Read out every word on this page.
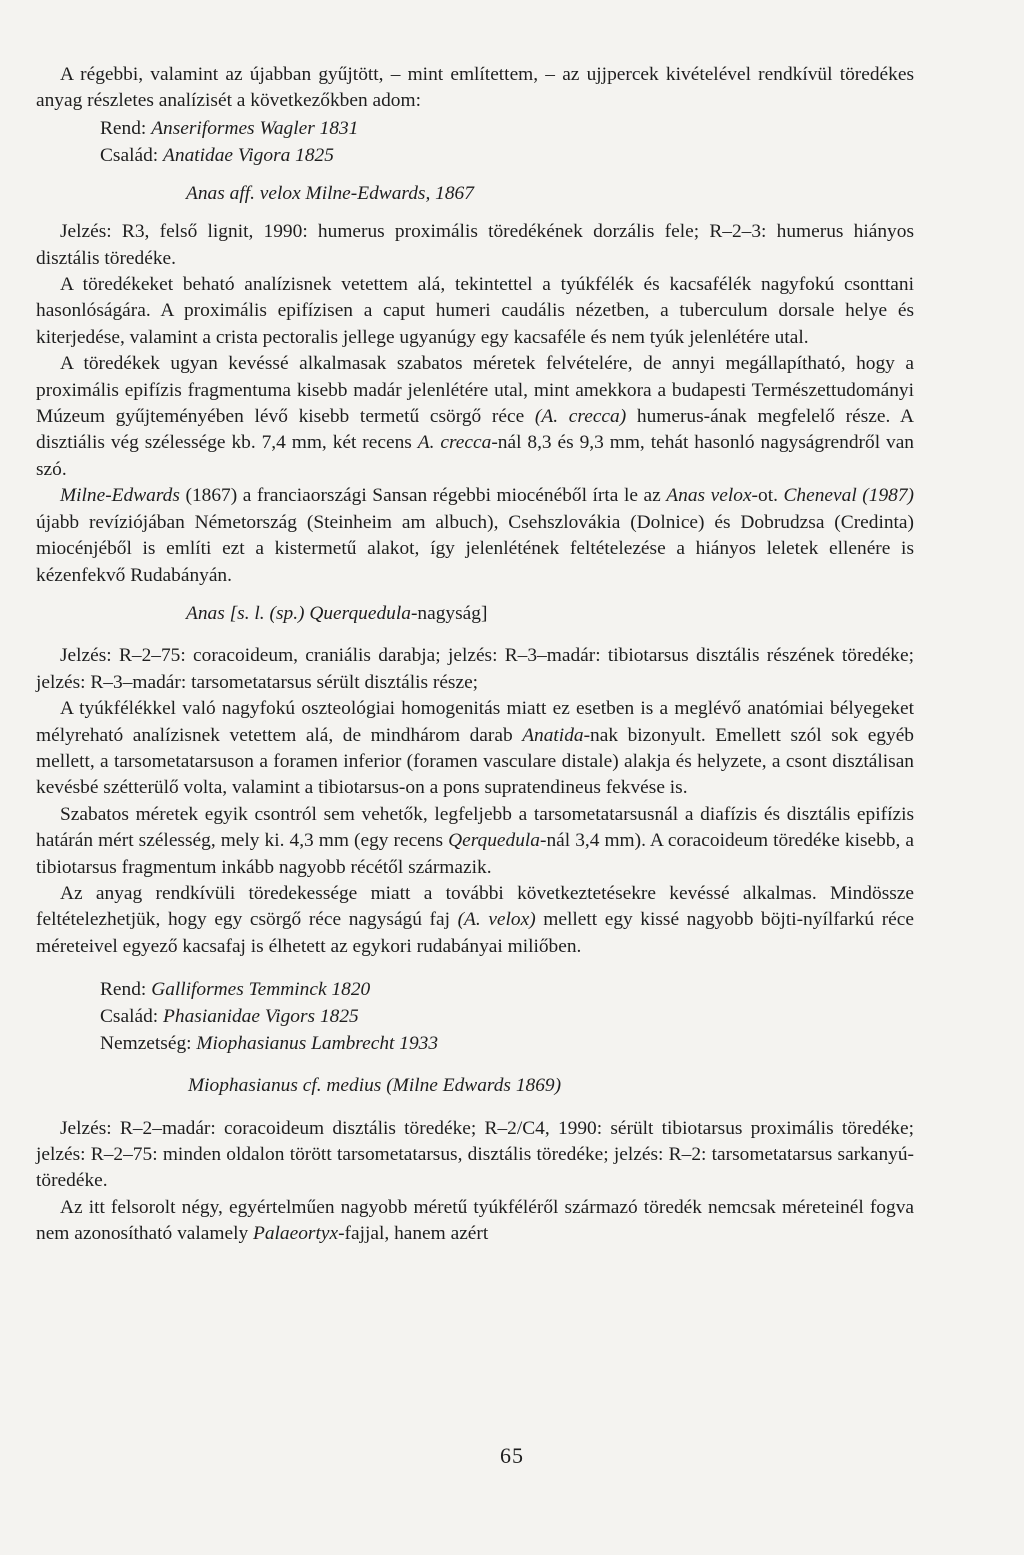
A régebbi, valamint az újabban gyűjtött, – mint említettem, – az ujjpercek kivételével rendkívül töredékes anyag részletes analízisét a következőkben adom:

Rend: Anseriformes Wagler 1831
Család: Anatidae Vigora 1825

Anas aff. velox Milne-Edwards, 1867

Jelzés: R3, felső lignit, 1990: humerus proximális töredékének dorzális fele; R–2–3: humerus hiányos disztális töredéke.

A töredékeket beható analízisnek vetettem alá, tekintettel a tyúkfélék és kacsafélék nagyfokú csonttani hasonlóságára. A proximális epifízisen a caput humeri caudális nézetben, a tuberculum dorsale helye és kiterjedése, valamint a crista pectoralis jellege ugyanúgy egy kacsaféle és nem tyúk jelenlétére utal.

A töredékek ugyan kevéssé alkalmasak szabatos méretek felvételére, de annyi megállapítható, hogy a proximális epifízis fragmentuma kisebb madár jelenlétére utal, mint amekkora a budapesti Természettudományi Múzeum gyűjteményében lévő kisebb termetű csörgő réce (A. crecca) humerus-ának megfelelő része. A disztiális vég szélessége kb. 7,4 mm, két recens A. crecca-nál 8,3 és 9,3 mm, tehát hasonló nagyságrendről van szó.

Milne-Edwards (1867) a franciaországi Sansan régebbi miocénéből írta le az Anas velox-ot. Cheneval (1987) újabb revíziójában Németország (Steinheim am albuch), Csehszlovákia (Dolnice) és Dobrudzsa (Credinta) miocénjéből is említi ezt a kistermetű alakot, így jelenlétének feltételezése a hiányos leletek ellenére is kézenfekvő Rudabányán.

Anas [s. l. (sp.) Querquedula-nagyság]

Jelzés: R–2–75: coracoideum, craniális darabja; jelzés: R–3–madár: tibiotarsus disztális részének töredéke; jelzés: R–3–madár: tarsometatarsus sérült disztális része;

A tyúkfélékkel való nagyfokú oszteológiai homogenitás miatt ez esetben is a meglévő anatómiai bélyegeket mélyreható analízisnek vetettem alá, de mindhárom darab Anatida-nak bizonyult. Emellett szól sok egyéb mellett, a tarsometatarsuson a foramen inferior (foramen vasculare distale) alakja és helyzete, a csont disztálisan kevésbé szétterülő volta, valamint a tibiotarsus-on a pons supratendineus fekvése is.

Szabatos méretek egyik csontról sem vehetők, legfeljebb a tarsometatarsusnál a diafízis és disztális epifízis határán mért szélesség, mely ki. 4,3 mm (egy recens Qerquedula-nál 3,4 mm). A coracoideum töredéke kisebb, a tibiotarsus fragmentum inkább nagyobb récétől származik.

Az anyag rendkívüli töredekessége miatt a további következtetésekre kevéssé alkalmas. Mindössze feltételezhetjük, hogy egy csörgő réce nagyságú faj (A. velox) mellett egy kissé nagyobb böjti-nyílfarkú réce méreteivel egyező kacsafaj is élhetett az egykori rudabányai miliőben.

Rend: Galliformes Temminck 1820
Család: Phasianidae Vigors 1825
Nemzetség: Miophasianus Lambrecht 1933

Miophasianus cf. medius (Milne Edwards 1869)

Jelzés: R–2–madár: coracoideum disztális töredéke; R–2/C4, 1990: sérült tibiotarsus proximális töredéke; jelzés: R–2–75: minden oldalon törött tarsometatarsus, disztális töredéke; jelzés: R–2: tarsometatarsus sarkanyú-töredéke.

Az itt felsorolt négy, egyértelműen nagyobb méretű tyúkféléről származó töredék nemcsak méreteinél fogva nem azonosítható valamely Palaeortyx-fajjal, hanem azért

65
